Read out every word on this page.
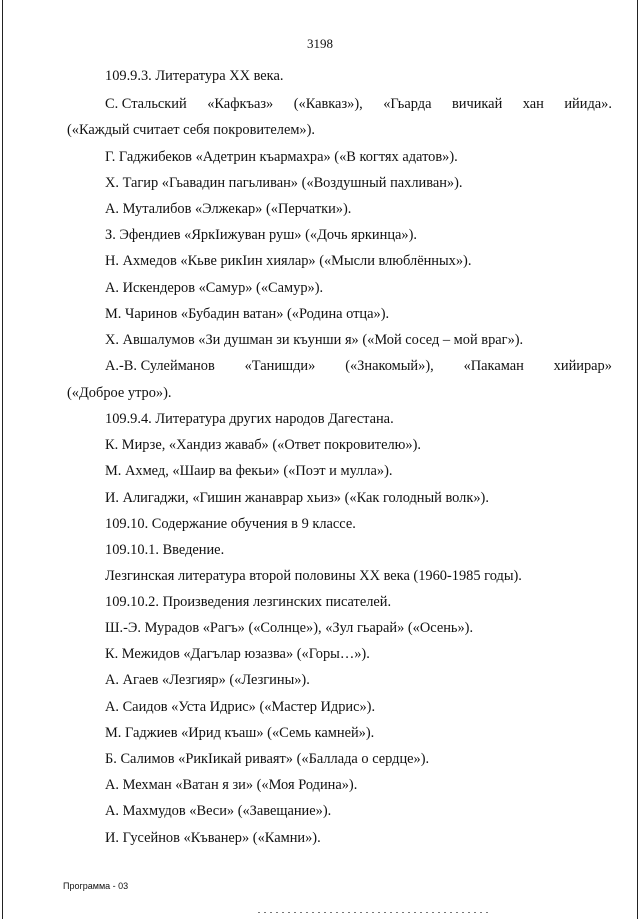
3198
109.9.3. Литература ХХ века.
С. Стальский «Кафкъаз» («Кавказ»), «Гьарда вичикай хан ийида».
(«Каждый считает себя покровителем»).
Г. Гаджибеков «Адетрин къармахра» («В когтях адатов»).
Х. Тагир «Гьавадин пагьливан» («Воздушный пахливан»).
А. Муталибов «Элжекар» («Перчатки»).
З. Эфендиев «ЯркIижуван руш» («Дочь яркинца»).
Н. Ахмедов «Кьве рикIин хиялар» («Мысли влюблённых»).
А. Искендеров «Самур» («Самур»).
М. Чаринов «Бубадин ватан» («Родина отца»).
Х. Авшалумов «Зи душман зи къунши я» («Мой сосед – мой враг»).
А.-В. Сулейманов «Танишди» («Знакомый»), «Пакаман хийирар»
(«Доброе утро»).
109.9.4. Литература других народов Дагестана.
К. Мирзе, «Хандиз жаваб» («Ответ покровителю»).
М. Ахмед, «Шаир ва фекьи» («Поэт и мулла»).
И. Алигаджи, «Гишин жанаврар хьиз» («Как голодный волк»).
109.10. Содержание обучения в 9 классе.
109.10.1. Введение.
Лезгинская литература второй половины ХХ века (1960-1985 годы).
109.10.2. Произведения лезгинских писателей.
Ш.-Э. Мурадов «Рагъ» («Солнце»), «Зул гьарай» («Осень»).
К. Межидов «Дагълар юзазва» («Горы…»).
А. Агаев «Лезгияр» («Лезгины»).
А. Саидов «Уста Идрис» («Мастер Идрис»).
М. Гаджиев «Ирид къаш» («Семь камней»).
Б. Салимов «РикIикай риваят» («Баллада о сердце»).
А. Мехман «Ватан я зи» («Моя Родина»).
А. Махмудов «Веси» («Завещание»).
И. Гусейнов «Къванер» («Камни»).
Программа - 03
